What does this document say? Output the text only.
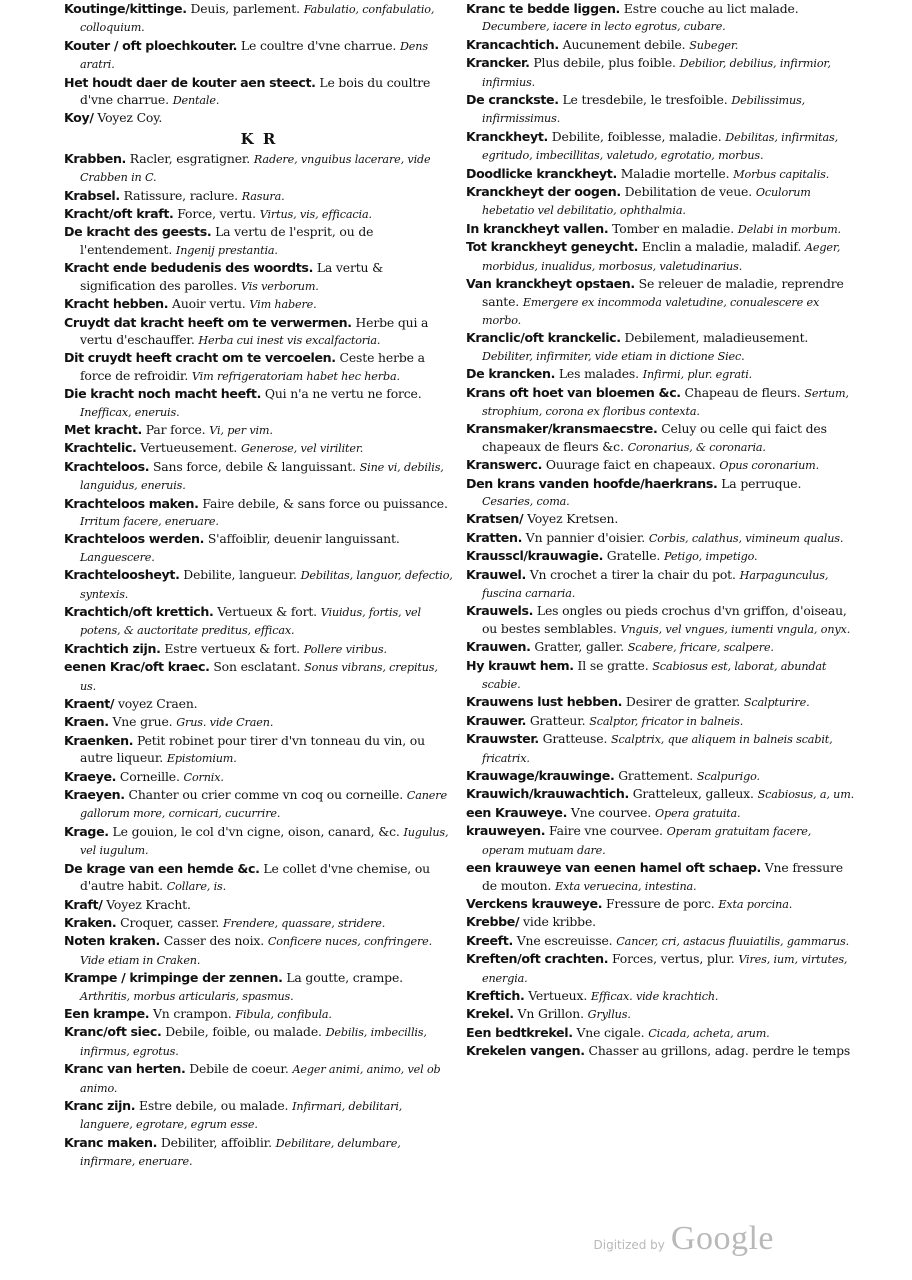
Koutinge/kittinge. Deuis, parlement. Fabulatio, confabulatio, colloquium.
Kouter / oft ploechkouter. Le coultre d'vne charrue. Dens aratri.
Het houdt daer de kouter aen steect. Le bois du coultre d'vne charrue. Dentale.
Koy/ Voyez Coy.
K R
Krabben. Racler, esgratigner. Radere, vnguibus lacerare, vide Crabben in C.
Krabsel. Ratissure, raclure. Rasura.
Kracht/oft kraft. Force, vertu. Virtus, vis, efficacia.
De kracht des geests. La vertu de l'esprit, ou de l'entendement. Ingenij prestantia.
Kracht ende bedudenis des woordts. La vertu & signification des parolles. Vis verborum.
Kracht hebben. Auoir vertu. Vim habere.
Cruydt dat kracht heeft om te verwermen. Herbe qui a vertu d'eschauffer. Herba cui inest vis excalfactoria.
Dit cruydt heeft cracht om te vercoelen. Ceste herbe a force de refroidir. Vim refrigeratoriam habet hec herba.
Die kracht noch macht heeft. Qui n'a ne vertu ne force. Inefficax, eneruis.
Met kracht. Par force. Vi, per vim.
Krachtelic. Vertueusement. Generose, vel viriliter.
Krachteloos. Sans force, debile & languissant. Sine vi, debilis, languidus, eneruis.
Krachteloos maken. Faire debile, & sans force ou puissance. Irritum facere, eneruare.
Krachteloos werden. S'affoiblir, deuenir languissant. Languescere.
Krachteloosheyt. Debilite, langueur. Debilitas, languor, defectio, syntexis.
Krachtich/oft krettich. Vertueux & fort. Viuidus, fortis, vel potens, & auctoritate preditus, efficax.
Krachtich zijn. Estre vertueux & fort. Pollere viribus.
eenen Krac/oft kraec. Son esclatant. Sonus vibrans, crepitus, us.
Kraent/ voyez Craen.
Kraen. Vne grue. Grus. vide Craen.
Kraenken. Petit robinet pour tirer d'vn tonneau du vin, ou autre liqueur. Epistomium.
Kraeye. Corneille. Cornix.
Kraeyen. Chanter ou crier comme vn coq ou corneille. Canere gallorum more, cornicari, cucurrire.
Krage. Le gouion, le col d'vn cigne, oison, canard, &c. Iugulus, vel iugulum.
De krage van een hemde &c. Le collet d'vne chemise, ou d'autre habit. Collare, is.
Kraft/ Voyez Kracht.
Kraken. Croquer, casser. Frendere, quassare, stridere.
Noten kraken. Casser des noix. Conficere nuces, confringere. Vide etiam in Craken.
Krampe / krimpinge der zennen. La goutte, crampe. Arthritis, morbus articularis, spasmus.
Een krampe. Vn crampon. Fibula, confibula.
Kranc/oft siec. Debile, foible, ou malade. Debilis, imbecillis, infirmus, egrotus.
Kranc van herten. Debile de coeur. Aeger animi, animo, vel ob animo.
Kranc zijn. Estre debile, ou malade. Infirmari, debilitari, languere, egrotare, egrum esse.
Kranc maken. Debiliter, affoiblir. Debilitare, delumbare, infirmare, eneruare.
Kranc te bedde liggen. Estre couche au lict malade. Decumbere, iacere in lecto egrotus, cubare.
Krancachtich. Aucunement debile. Subeger.
Krancker. Plus debile, plus foible. Debilior, debilius, infirmior, infirmius.
De cranckste. Le tresdebile, le tresfoible. Debilissimus, infirmissimus.
Kranckheyt. Debilite, foiblesse, maladie. Debilitas, infirmitas, egritudo, imbecillitas, valetudo, egrotatio, morbus.
Doodlicke kranckheyt. Maladie mortelle. Morbus capitalis.
Kranckheyt der oogen. Debilitation de veue. Oculorum hebetatio vel debilitatio, ophthalmia.
In kranckheyt vallen. Tomber en maladie. Delabi in morbum.
Tot kranckheyt geneycht. Enclin a maladie, maladif. Aeger, morbidus, inualidus, morbosus, valetudinarius.
Van kranckheyt opstaen. Se releuer de maladie, reprendre sante. Emergere ex incommoda valetudine, conualescere ex morbo.
Kranclic/oft kranckelic. Debilement, maladieusement. Debiliter, infirmiter, vide etiam in dictione Siec.
De krancken. Les malades. Infirmi, plur. egrati.
Krans oft hoet van bloemen &c. Chapeau de fleurs. Sertum, strophium, corona ex floribus contexta.
Kransmaker/kransmaecstre. Celuy ou celle qui faict des chapeaux de fleurs &c. Coronarius, & coronaria.
Kranswerc. Ouurage faict en chapeaux. Opus coronarium.
Den krans vanden hoofde/haerkrans. La perruque. Cesaries, coma.
Kratsen/ Voyez Kretsen.
Kratten. Vn pannier d'oisier. Corbis, calathus, vimineum qualus.
Krausscl/krauwagie. Gratelle. Petigo, impetigo.
Krauwel. Vn crochet a tirer la chair du pot. Harpagunculus, fuscina carnaria.
Krauwels. Les ongles ou pieds crochus d'vn griffon, d'oiseau, ou bestes semblables. Vnguis, vel vngues, iumenti vngula, onyx.
Krauwen. Gratter, galler. Scabere, fricare, scalpere.
Hy krauwt hem. Il se gratte. Scabiosus est, laborat, abundat scabie.
Krauwens lust hebben. Desirer de gratter. Scalpturire.
Krauwer. Gratteur. Scalptor, fricator in balneis.
Krauwster. Gratteuse. Scalptrix, que aliquem in balneis scabit, fricatrix.
Krauwage/krauwinge. Grattement. Scalpurigo.
Krauwich/krauwachtich. Gratteleux, galleux. Scabiosus, a, um.
een Krauweye. Vne courvee. Opera gratuita.
krauweyen. Faire vne courvee. Operam gratuitam facere, operam mutuam dare.
een krauweye van eenen hamel oft schaep. Vne fressure de mouton. Exta veruecina, intestina.
Verckens krauweye. Fressure de porc. Exta porcina.
Krebbe/ vide kribbe.
Kreeft. Vne escreuisse. Cancer, cri, astacus fluuiatilis, gammarus.
Kreften/oft crachten. Forces, vertus, plur. Vires, ium, virtutes, energia.
Kreftich. Vertueux. Efficax. vide krachtich.
Krekel. Vn Grillon. Gryllus.
Een bedtkrekel. Vne cigale. Cicada, acheta, arum.
Krekelen vangen. Chasser au grillons, adag. perdre le temps
Digitized by Google
